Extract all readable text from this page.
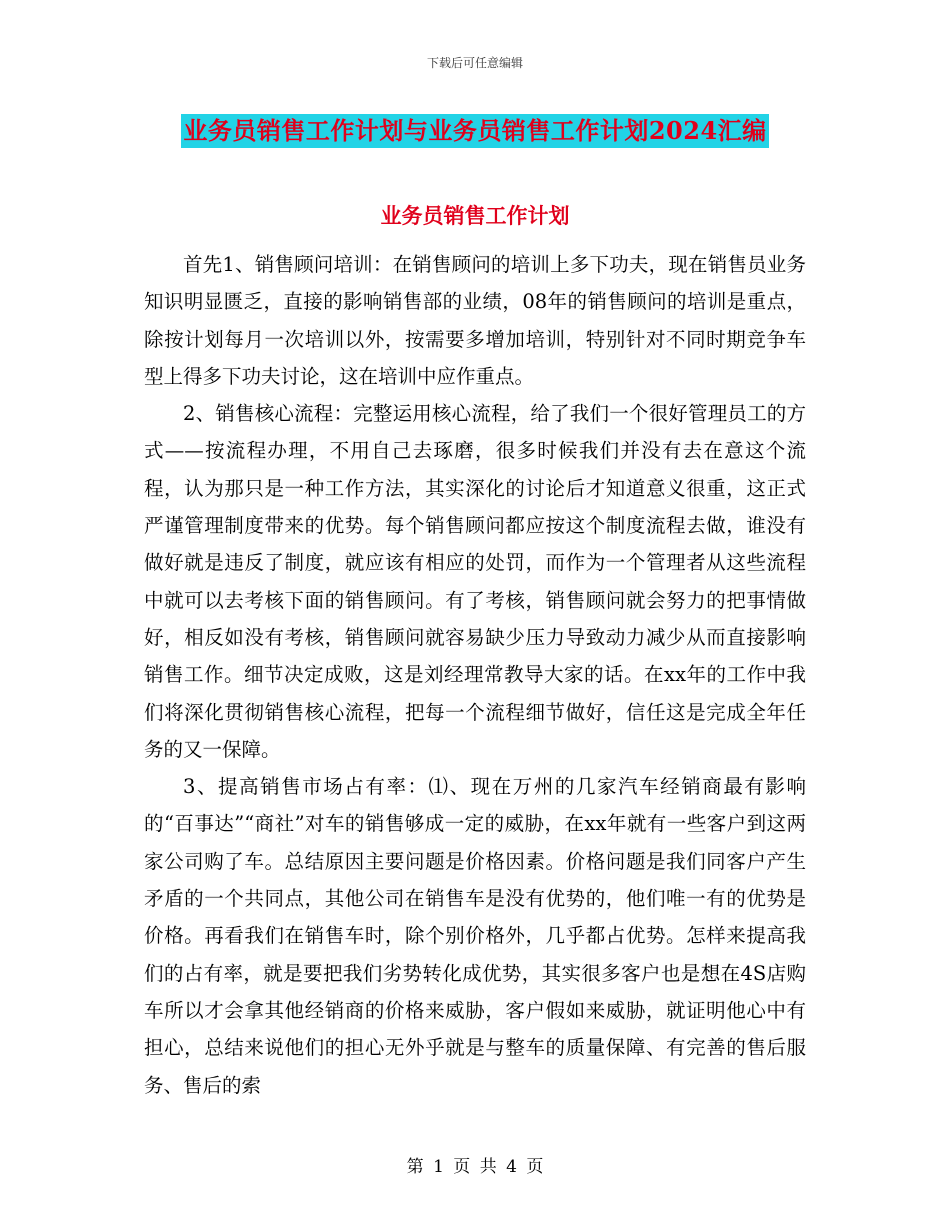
下载后可任意编辑
业务员销售工作计划与业务员销售工作计划2024汇编
业务员销售工作计划

首先1、销售顾问培训：在销售顾问的培训上多下功夫，现在销售员业务知识明显匮乏，直接的影响销售部的业绩，08年的销售顾问的培训是重点，除按计划每月一次培训以外，按需要多增加培训，特别针对不同时期竞争车型上得多下功夫讨论，这在培训中应作重点。

2、销售核心流程：完整运用核心流程，给了我们一个很好管理员工的方式——按流程办理，不用自己去琢磨，很多时候我们并没有去在意这个流程，认为那只是一种工作方法，其实深化的讨论后才知道意义很重，这正式严谨管理制度带来的优势。每个销售顾问都应按这个制度流程去做，谁没有做好就是违反了制度，就应该有相应的处罚，而作为一个管理者从这些流程中就可以去考核下面的销售顾问。有了考核，销售顾问就会努力的把事情做好，相反如没有考核，销售顾问就容易缺少压力导致动力减少从而直接影响销售工作。细节决定成败，这是刘经理常教导大家的话。在xx年的工作中我们将深化贯彻销售核心流程，把每一个流程细节做好，信任这是完成全年任务的又一保障。

3、提高销售市场占有率：⑴、现在万州的几家汽车经销商最有影响的“百事达”“商社”对车的销售够成一定的威胁，在xx年就有一些客户到这两家公司购了车。总结原因主要问题是价格因素。价格问题是我们同客户产生矛盾的一个共同点，其他公司在销售车是没有优势的，他们唯一有的优势是价格。再看我们在销售车时，除个别价格外，几乎都占优势。怎样来提高我们的占有率，就是要把我们劣势转化成优势，其实很多客户也是想在4S店购车所以才会拿其他经销商的价格来威胁，客户假如来威胁，就证明他心中有担心，总结来说他们的担心无外乎就是与整车的质量保障、有完善的售后服务、售后的索

第 1 页 共 4 页
